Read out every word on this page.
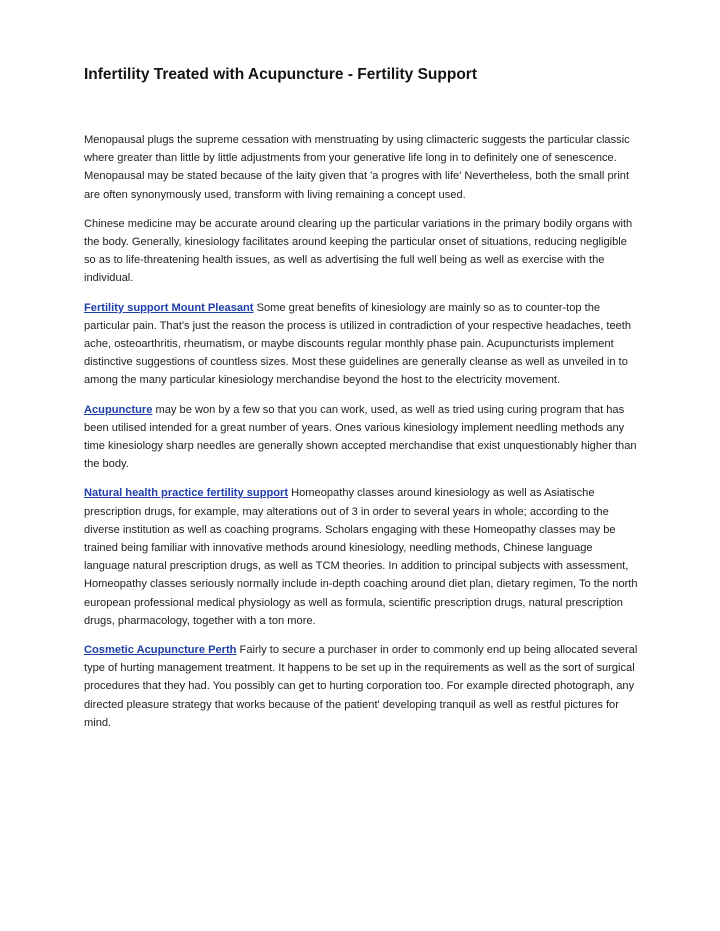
Infertility Treated with Acupuncture - Fertility Support

Menopausal plugs the supreme cessation with menstruating by using climacteric suggests the particular classic where greater than little by little adjustments from your generative life long in to definitely one of senescence. Menopausal may be stated because of the laity given that 'a progres with life' Nevertheless, both the small print are often synonymously used, transform with living remaining a concept used.

Chinese medicine may be accurate around clearing up the particular variations in the primary bodily organs with the body. Generally, kinesiology facilitates around keeping the particular onset of situations, reducing negligible so as to life-threatening health issues, as well as advertising the full well being as well as exercise with the individual.

Fertility support Mount Pleasant Some great benefits of kinesiology are mainly so as to counter-top the particular pain. That's just the reason the process is utilized in contradiction of your respective headaches, teeth ache, osteoarthritis, rheumatism, or maybe discounts regular monthly phase pain. Acupuncturists implement distinctive suggestions of countless sizes. Most these guidelines are generally cleanse as well as unveiled in to among the many particular kinesiology merchandise beyond the host to the electricity movement.

Acupuncture may be won by a few so that you can work, used, as well as tried using curing program that has been utilised intended for a great number of years. Ones various kinesiology implement needling methods any time kinesiology sharp needles are generally shown accepted merchandise that exist unquestionably higher than the body.

Natural health practice fertility support Homeopathy classes around kinesiology as well as Asiatische prescription drugs, for example, may alterations out of 3 in order to several years in whole; according to the diverse institution as well as coaching programs. Scholars engaging with these Homeopathy classes may be trained being familiar with innovative methods around kinesiology, needling methods, Chinese language language natural prescription drugs, as well as TCM theories. In addition to principal subjects with assessment, Homeopathy classes seriously normally include in-depth coaching around diet plan, dietary regimen, To the north european professional medical physiology as well as formula, scientific prescription drugs, natural prescription drugs, pharmacology, together with a ton more.

Cosmetic Acupuncture Perth Fairly to secure a purchaser in order to commonly end up being allocated several type of hurting management treatment. It happens to be set up in the requirements as well as the sort of surgical procedures that they had. You possibly can get to hurting corporation too. For example directed photograph, any directed pleasure strategy that works because of the patient' developing tranquil as well as restful pictures for mind.
